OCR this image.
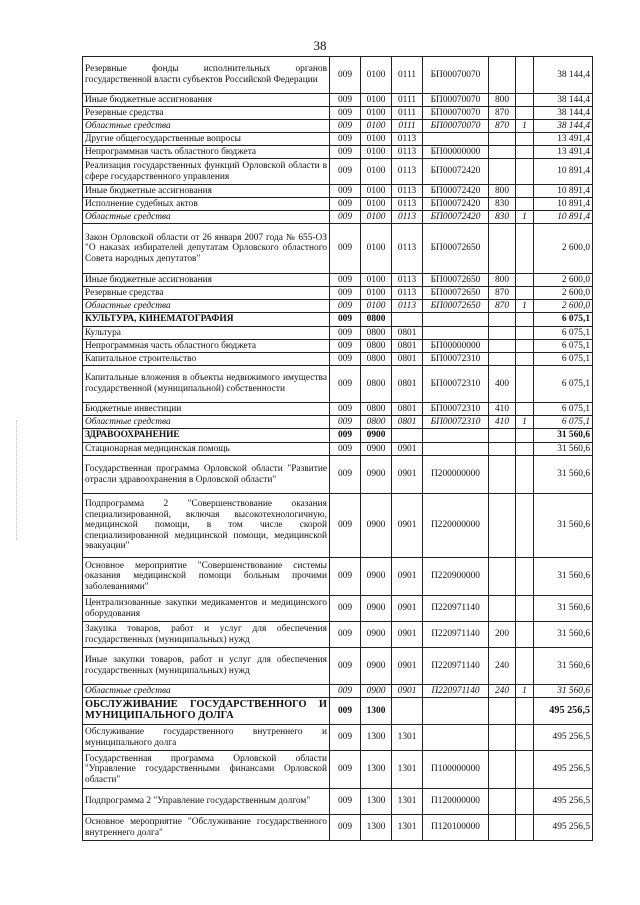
38
Резервные фонды исполнительных органов государственной власти субъектов Российской Федерации	009	0100	0111	БП00070070			38 144,4
Иные бюджетные ассигнования	009	0100	0111	БП00070070	800		38 144,4
Резервные средства	009	0100	0111	БП00070070	870		38 144,4
Областные средства	009	0100	0111	БП00070070	870	1	38 144,4
Другие общегосударственные вопросы	009	0100	0113				13 491,4
Непрограммная часть областного бюджета	009	0100	0113	БП00000000			13 491,4
Реализация государственных функций Орловской области в сфере государственного управления	009	0100	0113	БП00072420			10 891,4
Иные бюджетные ассигнования	009	0100	0113	БП00072420	800		10 891,4
Исполнение судебных актов	009	0100	0113	БП00072420	830		10 891,4
Областные средства	009	0100	0113	БП00072420	830	1	10 891,4
Закон Орловской области от 26 января 2007 года № 655-ОЗ "О наказах избирателей депутатам Орловского областного Совета народных депутатов"	009	0100	0113	БП00072650			2 600,0
Иные бюджетные ассигнования	009	0100	0113	БП00072650	800		2 600,0
Резервные средства	009	0100	0113	БП00072650	870		2 600,0
Областные средства	009	0100	0113	БП00072650	870	1	2 600,0
КУЛЬТУРА, КИНЕМАТОГРАФИЯ	009	0800					6 075,1
Культура	009	0800	0801				6 075,1
Непрограммная часть областного бюджета	009	0800	0801	БП00000000			6 075,1
Капитальное строительство	009	0800	0801	БП00072310			6 075,1
Капитальные вложения в объекты недвижимого имущества государственной (муниципальной) собственности	009	0800	0801	БП00072310	400		6 075,1
Бюджетные инвестиции	009	0800	0801	БП00072310	410		6 075,1
Областные средства	009	0800	0801	БП00072310	410	1	6 075,1
ЗДРАВООХРАНЕНИЕ	009	0900					31 560,6
Стационарная медицинская помощь	009	0900	0901				31 560,6
Государственная программа Орловской области "Развитие отрасли здравоохранения в Орловской области"	009	0900	0901	П200000000			31 560,6
Подпрограмма 2 "Совершенствование оказания специализированной, включая высокотехнологичную, медицинской помощи, в том числе скорой специализированной медицинской помощи, медицинской эвакуации"	009	0900	0901	П220000000			31 560,6
Основное мероприятие "Совершенствование системы оказания медицинской помощи больным прочими заболеваниями"	009	0900	0901	П220900000			31 560,6
Централизованные закупки медикаментов и медицинского оборудования	009	0900	0901	П220971140			31 560,6
Закупка товаров, работ и услуг для обеспечения государственных (муниципальных) нужд	009	0900	0901	П220971140	200		31 560,6
Иные закупки товаров, работ и услуг для обеспечения государственных (муниципальных) нужд	009	0900	0901	П220971140	240		31 560,6
Областные средства	009	0900	0901	П220971140	240	1	31 560,6
ОБСЛУЖИВАНИЕ ГОСУДАРСТВЕННОГО И МУНИЦИПАЛЬНОГО ДОЛГА	009	1300					495 256,5
Обслуживание государственного внутреннего и муниципального долга	009	1300	1301				495 256,5
Государственная программа Орловской области "Управление государственными финансами Орловской области"	009	1300	1301	П100000000			495 256,5
Подпрограмма 2 "Управление государственным долгом"	009	1300	1301	П120000000			495 256,5
Основное мероприятие "Обслуживание государственного внутреннего долга"	009	1300	1301	П120100000			495 256,5
